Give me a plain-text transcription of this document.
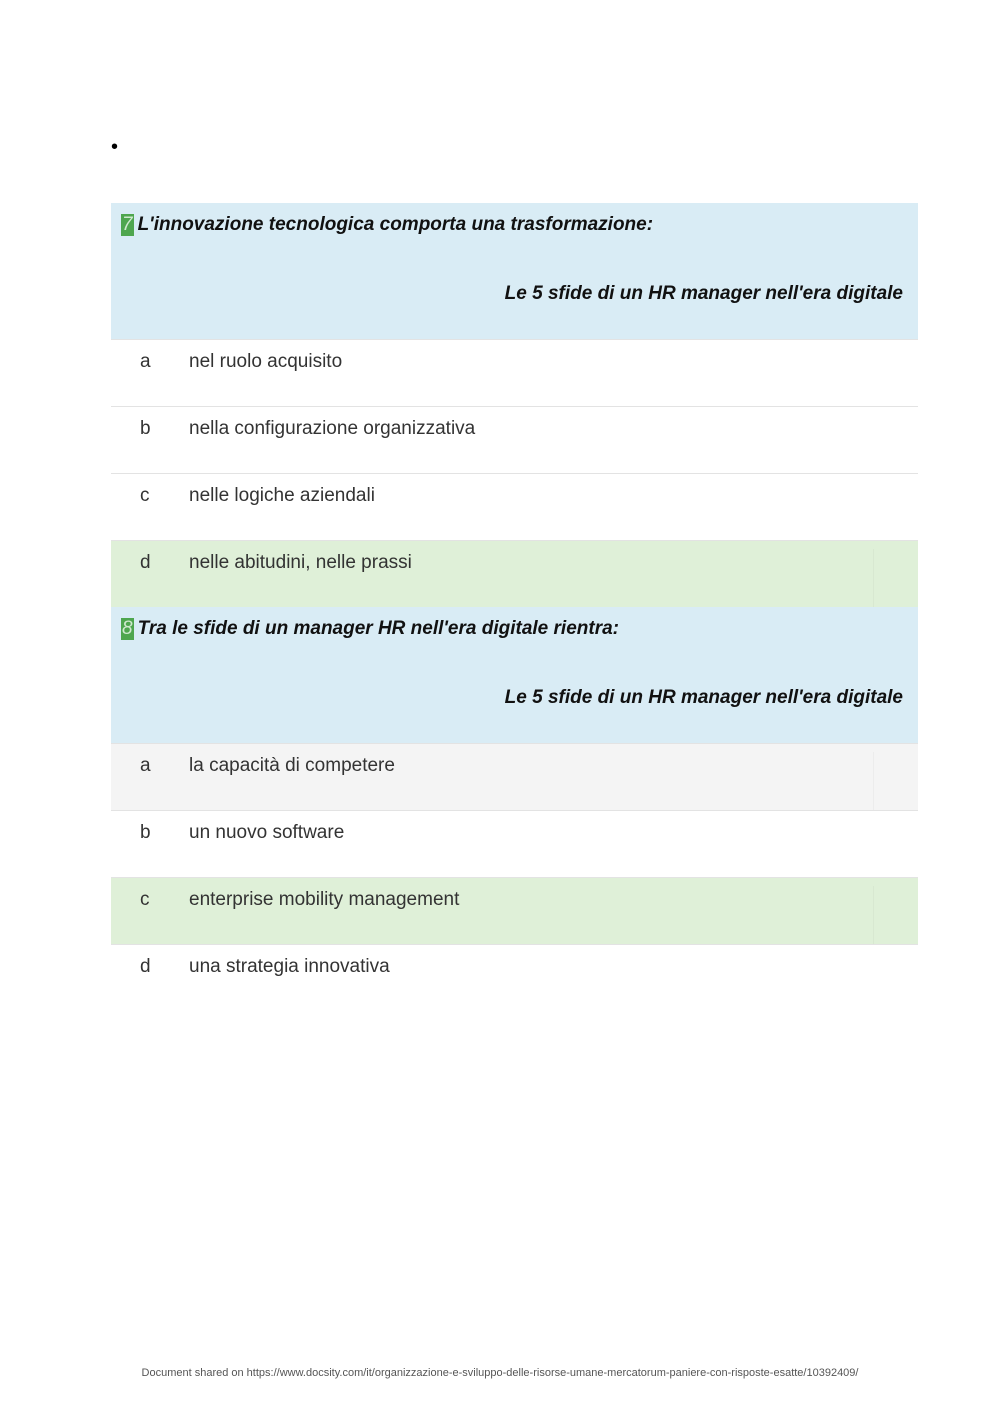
•
7 L'innovazione tecnologica comporta una trasformazione:
Le 5 sfide di un HR manager nell'era digitale
a nel ruolo acquisito
b nella configurazione organizzativa
c nelle logiche aziendali
d nelle abitudini, nelle prassi
8 Tra le sfide di un manager HR nell'era digitale rientra:
Le 5 sfide di un HR manager nell'era digitale
a la capacità di competere
b un nuovo software
c enterprise mobility management
d una strategia innovativa
Document shared on https://www.docsity.com/it/organizzazione-e-sviluppo-delle-risorse-umane-mercatorum-paniere-con-risposte-esatte/10392409/
